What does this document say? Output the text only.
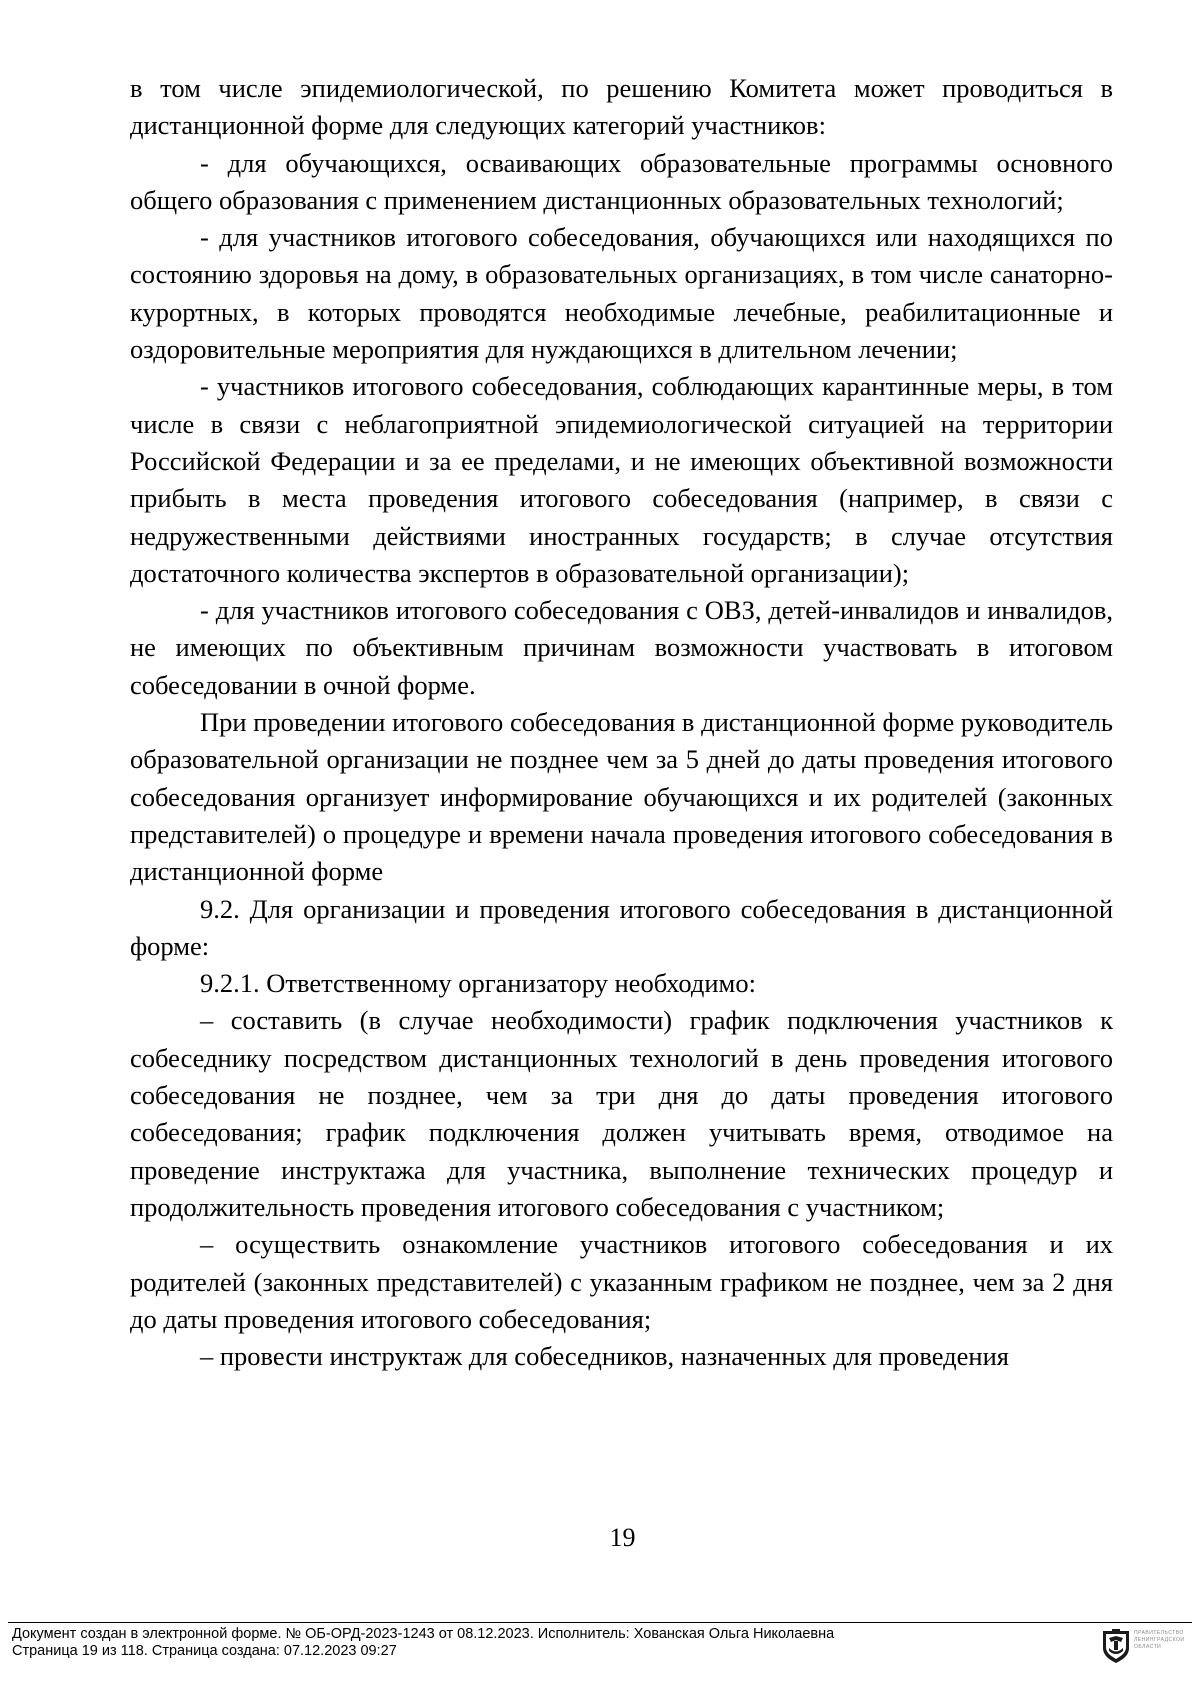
в том числе эпидемиологической, по решению Комитета может проводиться в дистанционной форме для следующих категорий участников:

- для обучающихся, осваивающих образовательные программы основного общего образования с применением дистанционных образовательных технологий;

- для участников итогового собеседования, обучающихся или находящихся по состоянию здоровья на дому, в образовательных организациях, в том числе санаторно-курортных, в которых проводятся необходимые лечебные, реабилитационные и оздоровительные мероприятия для нуждающихся в длительном лечении;

- участников итогового собеседования, соблюдающих карантинные меры, в том числе в связи с неблагоприятной эпидемиологической ситуацией на территории Российской Федерации и за ее пределами, и не имеющих объективной возможности прибыть в места проведения итогового собеседования (например, в связи с недружественными действиями иностранных государств; в случае отсутствия достаточного количества экспертов в образовательной организации);

- для участников итогового собеседования с ОВЗ, детей-инвалидов и инвалидов, не имеющих по объективным причинам возможности участвовать в итоговом собеседовании в очной форме.

При проведении итогового собеседования в дистанционной форме руководитель образовательной организации не позднее чем за 5 дней до даты проведения итогового собеседования организует информирование обучающихся и их родителей (законных представителей) о процедуре и времени начала проведения итогового собеседования в дистанционной форме

9.2. Для организации и проведения итогового собеседования в дистанционной форме:

9.2.1. Ответственному организатору необходимо:

– составить (в случае необходимости) график подключения участников к собеседнику посредством дистанционных технологий в день проведения итогового собеседования не позднее, чем за три дня до даты проведения итогового собеседования; график подключения должен учитывать время, отводимое на проведение инструктажа для участника, выполнение технических процедур и продолжительность проведения итогового собеседования с участником;

– осуществить ознакомление участников итогового собеседования и их родителей (законных представителей) с указанным графиком не позднее, чем за 2 дня до даты проведения итогового собеседования;

– провести инструктаж для собеседников, назначенных для проведения

19
Документ создан в электронной форме. № ОБ-ОРД-2023-1243 от 08.12.2023. Исполнитель: Хованская Ольга Николаевна
Страница 19 из 118. Страница создана: 07.12.2023 09:27
ПРАВИТЕЛЬСТВО
ЛЕНИНГРАДСКОЙ
ОБЛАСТИ
